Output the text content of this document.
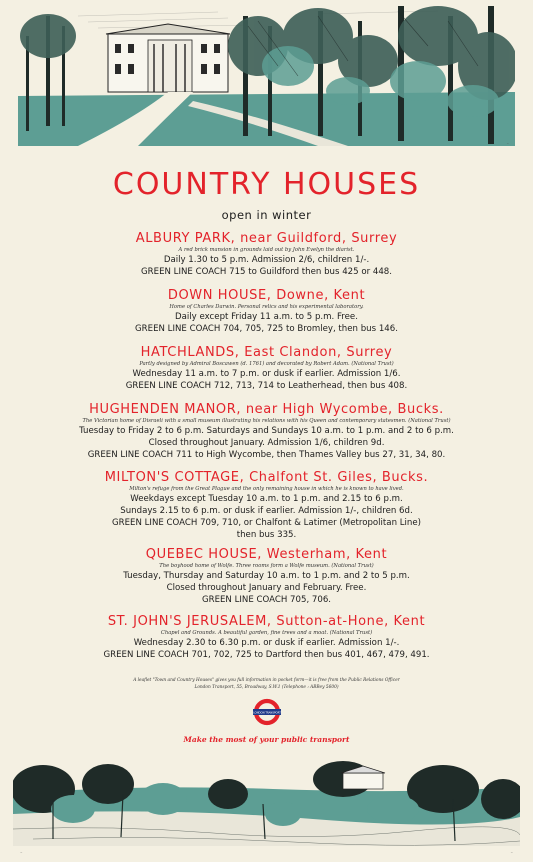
~
COUNTRY HOUSES
open in winter
ALBURY PARK, near Guildford, Surrey
A red brick mansion in grounds laid out by John Evelyn the diarist.
Daily 1.30 to 5 p.m. Admission 2/6, children 1/-.
GREEN LINE COACH 715 to Guildford then bus 425 or 448.
DOWN HOUSE, Downe, Kent
Home of Charles Darwin. Personal relics and his experimental laboratory.
Daily except Friday 11 a.m. to 5 p.m. Free.
GREEN LINE COACH 704, 705, 725 to Bromley, then bus 146.
HATCHLANDS, East Clandon, Surrey
Partly designed by Admiral Boscawen (d. 1761) and decorated by Robert Adam. (National Trust)
Wednesday 11 a.m. to 7 p.m. or dusk if earlier. Admission 1/6.
GREEN LINE COACH 712, 713, 714 to Leatherhead, then bus 408.
HUGHENDEN MANOR, near High Wycombe, Bucks.
The Victorian home of Disraeli with a small museum illustrating his relations with his Queen and contemporary statesmen. (National Trust)
Tuesday to Friday 2 to 6 p.m. Saturdays and Sundays 10 a.m. to 1 p.m. and 2 to 6 p.m.
Closed throughout January. Admission 1/6, children 9d.
GREEN LINE COACH 711 to High Wycombe, then Thames Valley bus 27, 31, 34, 80.
MILTON'S COTTAGE, Chalfont St. Giles, Bucks.
Milton's refuge from the Great Plague and the only remaining house in which he is known to have lived.
Weekdays except Tuesday 10 a.m. to 1 p.m. and 2.15 to 6 p.m.
Sundays 2.15 to 6 p.m. or dusk if earlier. Admission 1/-, children 6d.
GREEN LINE COACH 709, 710, or Chalfont & Latimer (Metropolitan Line)
then bus 335.
QUEBEC HOUSE, Westerham, Kent
The boyhood home of Wolfe. Three rooms form a Wolfe museum. (National Trust)
Tuesday, Thursday and Saturday 10 a.m. to 1 p.m. and 2 to 5 p.m.
Closed throughout January and February. Free.
GREEN LINE COACH 705, 706.
ST. JOHN'S JERUSALEM, Sutton-at-Hone, Kent
Chapel and Grounds. A beautiful garden, fine trees and a moat. (National Trust)
Wednesday 2.30 to 6.30 p.m. or dusk if earlier. Admission 1/-.
GREEN LINE COACH 701, 702, 725 to Dartford then bus 401, 467, 479, 491.
A leaflet "Town and Country Houses" gives you full information in pocket form—it is free from the Public Relations Officer
London Transport, 55, Broadway, S.W.1 (Telephone : ABBey 5600)
LONDON TRANSPORT
Make the most of your public transport
~	~
